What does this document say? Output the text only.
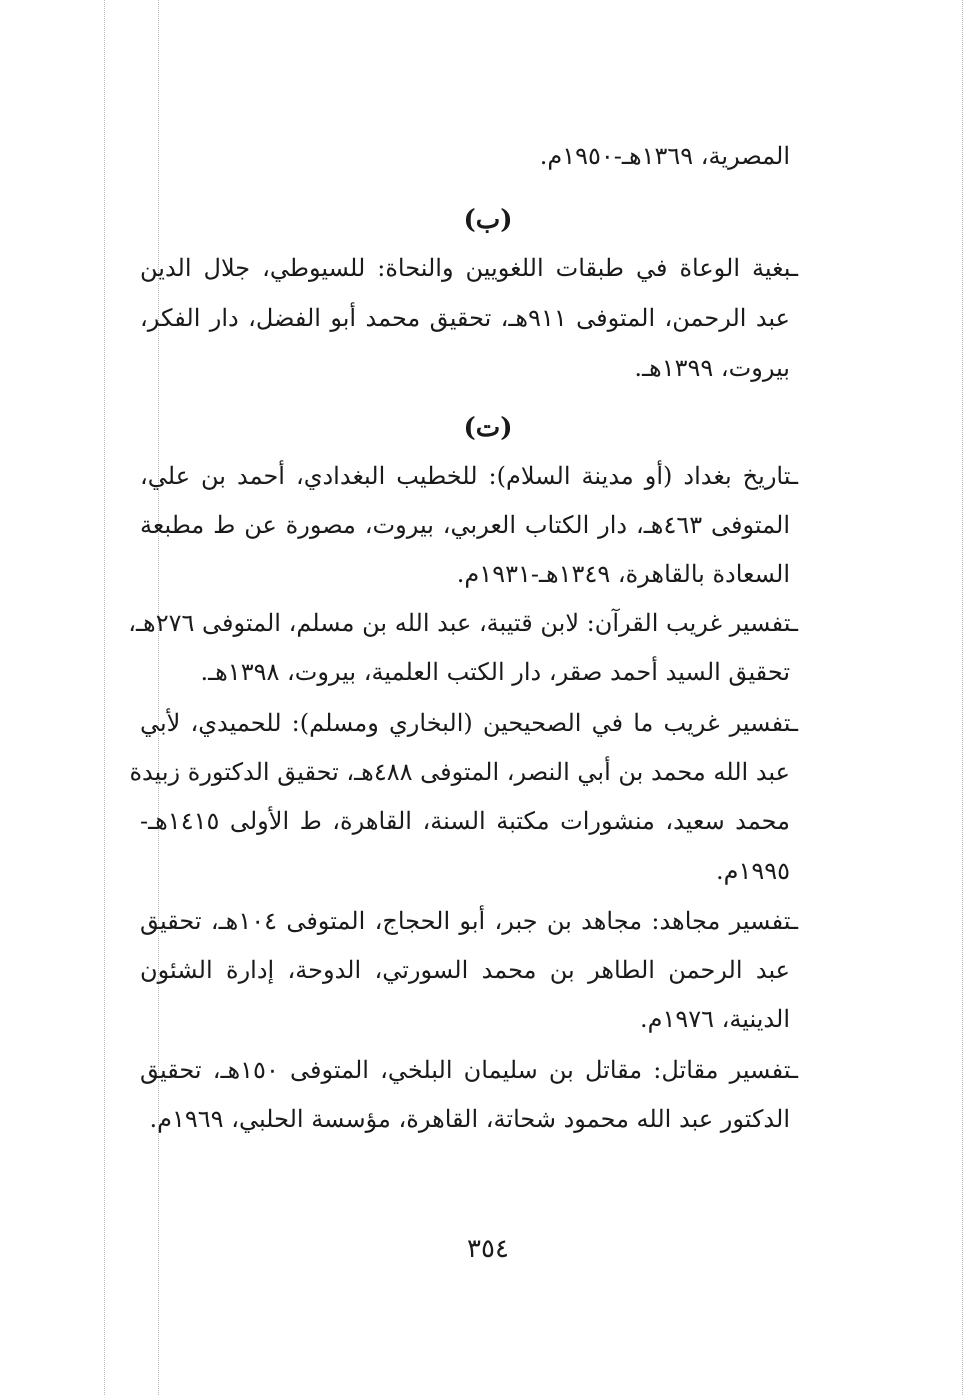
المصرية، ١٣٦٩هـ-١٩٥٠م.
(ب)
ـبغية الوعاة في طبقات اللغويين والنحاة: للسيوطي، جلال الدين
عبد الرحمن، المتوفى ٩١١هـ، تحقيق محمد أبو الفضل، دار الفكر،
بيروت، ١٣٩٩هـ.
(ت)
ـتاريخ بغداد (أو مدينة السلام): للخطيب البغدادي، أحمد بن علي،
المتوفى ٤٦٣هـ، دار الكتاب العربي، بيروت، مصورة عن ط مطبعة
السعادة بالقاهرة، ١٣٤٩هـ-١٩٣١م.
ـتفسير غريب القرآن: لابن قتيبة، عبد الله بن مسلم، المتوفى ٢٧٦هـ،
تحقيق السيد أحمد صقر، دار الكتب العلمية، بيروت، ١٣٩٨هـ.
ـتفسير غريب ما في الصحيحين (البخاري ومسلم): للحميدي، لأبي
عبد الله محمد بن أبي النصر، المتوفى ٤٨٨هـ، تحقيق الدكتورة زبيدة
محمد سعيد، منشورات مكتبة السنة، القاهرة، ط الأولى ١٤١٥هـ-
١٩٩٥م.
ـتفسير مجاهد: مجاهد بن جبر، أبو الحجاج، المتوفى ١٠٤هـ، تحقيق
عبد الرحمن الطاهر بن محمد السورتي، الدوحة، إدارة الشئون
الدينية، ١٩٧٦م.
ـتفسير مقاتل: مقاتل بن سليمان البلخي، المتوفى ١٥٠هـ، تحقيق
الدكتور عبد الله محمود شحاتة، القاهرة، مؤسسة الحلبي، ١٩٦٩م.
٣٥٤
